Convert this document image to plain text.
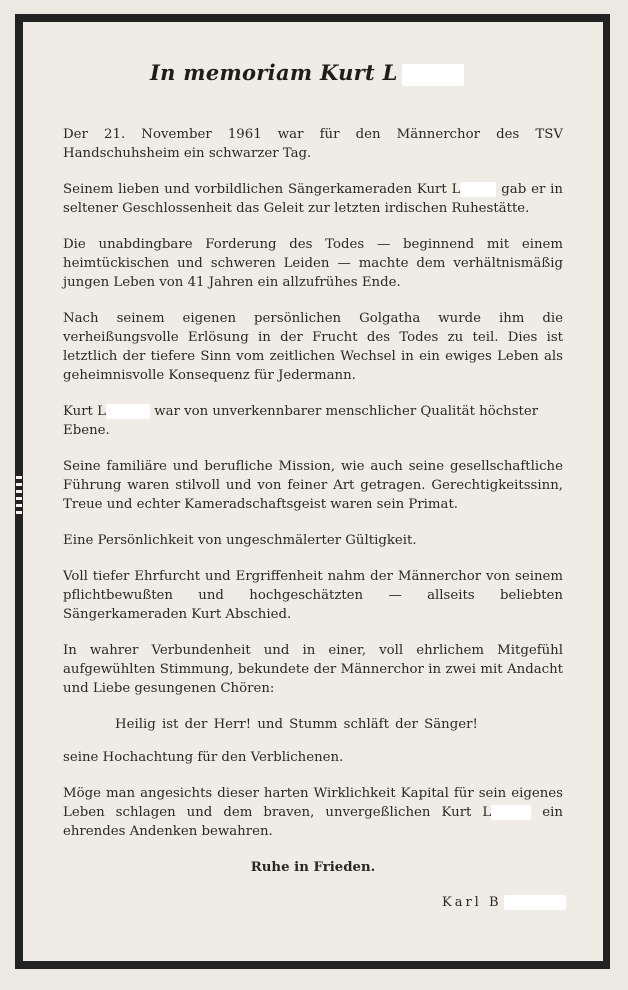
In memoriam Kurt L

Der 21. November 1961 war für den Männerchor des TSV Handschuhsheim ein schwarzer Tag.

Seinem lieben und vorbildlichen Sängerkameraden Kurt L	gab er in seltener Geschlossenheit das Geleit zur letzten irdischen Ruhestätte.

Die unabdingbare Forderung des Todes — beginnend mit einem heimtückischen und schweren Leiden — machte dem verhältnismäßig jungen Leben von 41 Jahren ein allzufrühes Ende.

Nach seinem eigenen persönlichen Golgatha wurde ihm die verheißungsvolle Erlösung in der Frucht des Todes zu teil. Dies ist letztlich der tiefere Sinn vom zeitlichen Wechsel in ein ewiges Leben als geheimnisvolle Konsequenz für Jedermann.

Kurt L	war von unverkennbarer menschlicher Qualität höchster Ebene.

Seine familiäre und berufliche Mission, wie auch seine gesellschaftliche Führung waren stilvoll und von feiner Art getragen. Gerechtigkeitssinn, Treue und echter Kameradschaftsgeist waren sein Primat.

Eine Persönlichkeit von ungeschmälerter Gültigkeit.

Voll tiefer Ehrfurcht und Ergriffenheit nahm der Männerchor von seinem pflichtbewußten und hochgeschätzten — allseits beliebten Sängerkameraden Kurt Abschied.

In wahrer Verbundenheit und in einer, voll ehrlichem Mitgefühl aufgewühlten Stimmung, bekundete der Männerchor in zwei mit Andacht und Liebe gesungenen Chören:

Heilig ist der Herr! und Stumm schläft der Sänger!

seine Hochachtung für den Verblichenen.

Möge man angesichts dieser harten Wirklichkeit Kapital für sein eigenes Leben schlagen und dem braven, unvergeßlichen Kurt L	ein ehrendes Andenken bewahren.

Ruhe in Frieden.

Karl B
